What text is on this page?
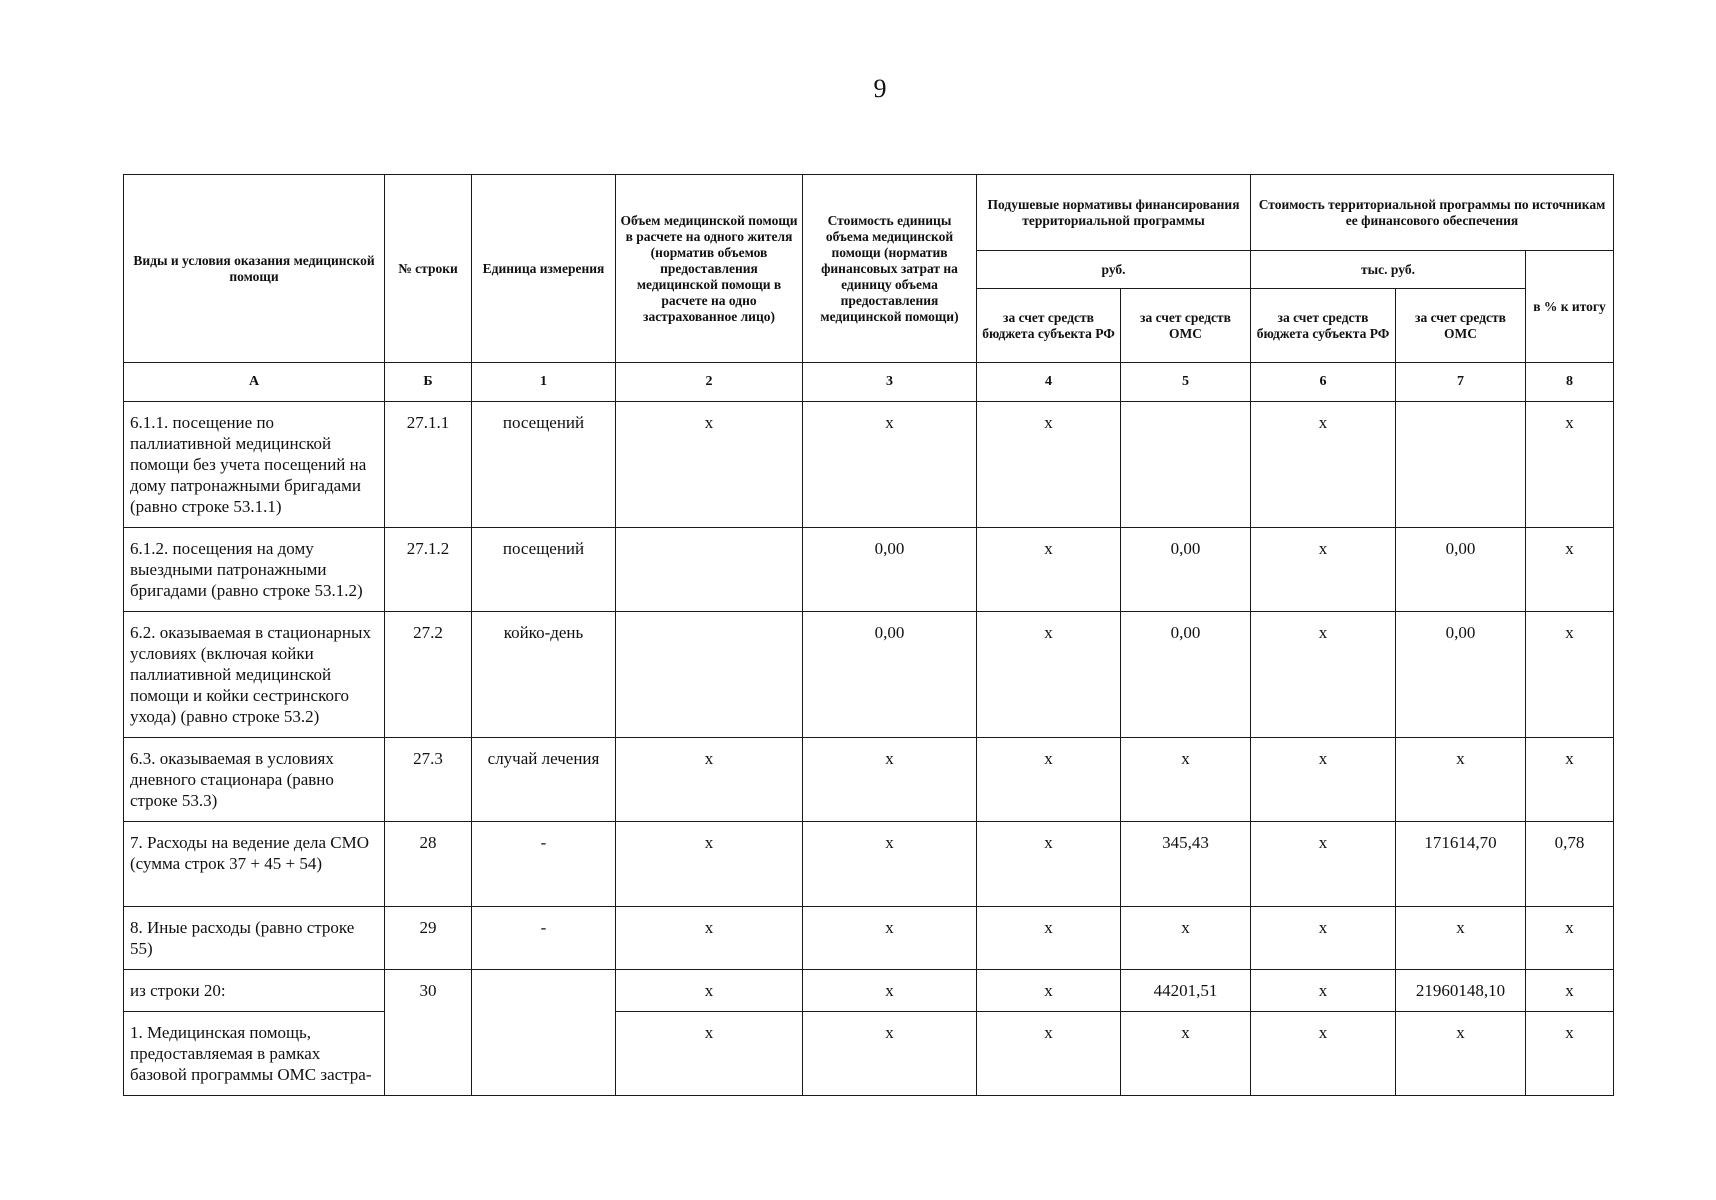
9
Виды и условия оказания медицинской помощи	№ строки	Единица измерения	Объем медицинской помощи в расчете на одного жителя (норматив объемов предоставления медицинской помощи в расчете на одно застрахованное лицо)	Стоимость единицы объема медицинской помощи (норматив финансовых затрат на единицу объема предоставления медицинской помощи)	Подушевые нормативы финансирования территориальной программы		Стоимость территориальной программы по источникам ее финансового обеспечения		
					руб.		тыс. руб.		в % к итогу
					за счет средств бюджета субъекта РФ	за счет средств ОМС	за счет средств бюджета субъекта РФ	за счет средств ОМС	
А	Б	1	2	3	4	5	6	7	8
6.1.1. посещение по паллиативной медицинской помощи без учета посещений на дому патронажными бригадами (равно строке 53.1.1)	27.1.1	посещений	x	x	x		x		x
6.1.2. посещения на дому выездными патронажными бригадами (равно строке 53.1.2)	27.1.2	посещений		0,00	x	0,00	x	0,00	x
6.2. оказываемая в стационарных условиях (включая койки паллиативной медицинской помощи и койки сестринского ухода) (равно строке 53.2)	27.2	койко-день		0,00	x	0,00	x	0,00	x
6.3. оказываемая в условиях дневного стационара (равно строке 53.3)	27.3	случай лечения	x	x	x	x	x	x	x
7. Расходы на ведение дела СМО (сумма строк 37 + 45 + 54)	28	-	x	x	x	345,43	x	171614,70	0,78
8. Иные расходы (равно строке 55)	29	-	x	x	x	x	x	x	x
из строки 20:	30		x	x	x	44201,51	x	21960148,10	x
1. Медицинская помощь, предоставляемая в рамках базовой программы ОМС застра-			x	x	x	x	x	x	x
